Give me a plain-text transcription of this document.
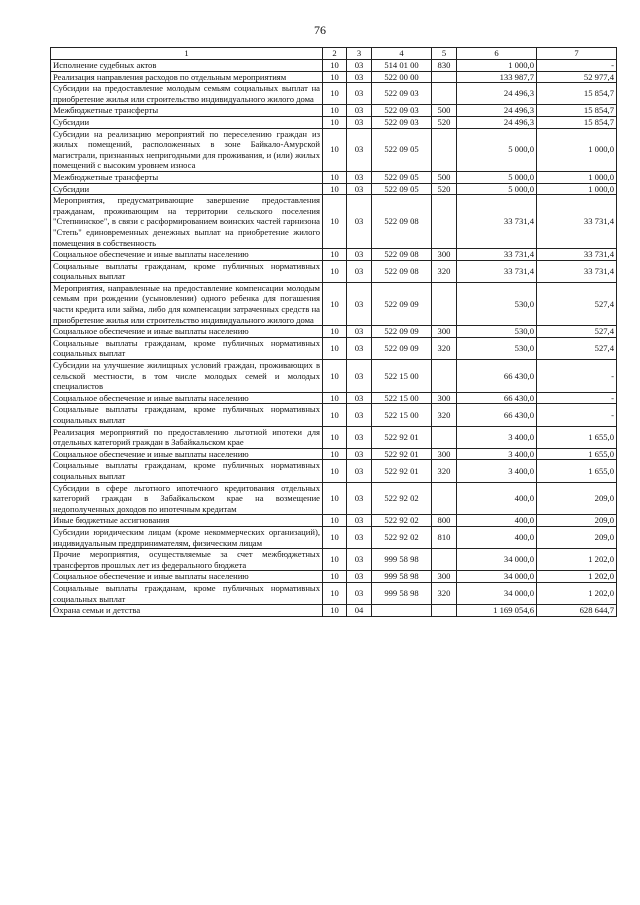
76
1	2	3	4	5	6	7
Исполнение судебных актов	10	03	514 01 00	830	1 000,0	-
Реализация направления расходов по отдельным мероприятиям	10	03	522 00 00		133 987,7	52 977,4
Субсидии на предоставление молодым семьям социальных выплат на приобретение жилья или строительство индивидуального жилого дома	10	03	522 09 03		24 496,3	15 854,7
Межбюджетные трансферты	10	03	522 09 03	500	24 496,3	15 854,7
Субсидии	10	03	522 09 03	520	24 496,3	15 854,7
Субсидии на реализацию мероприятий по переселению граждан из жилых помещений, расположенных в зоне Байкало-Амурской магистрали, признанных непригодными для проживания, и (или) жилых помещений с высоким уровнем износа	10	03	522 09 05		5 000,0	1 000,0
Межбюджетные трансферты	10	03	522 09 05	500	5 000,0	1 000,0
Субсидии	10	03	522 09 05	520	5 000,0	1 000,0
Мероприятия, предусматривающие завершение предоставления гражданам, проживающим на территории сельского поселения "Степнинское", в связи с расформированием воинских частей гарнизона "Степь" единовременных денежных выплат на приобретение жилого помещения в собственность	10	03	522 09 08		33 731,4	33 731,4
Социальное обеспечение и иные выплаты населению	10	03	522 09 08	300	33 731,4	33 731,4
Социальные выплаты гражданам, кроме публичных нормативных социальных выплат	10	03	522 09 08	320	33 731,4	33 731,4
Мероприятия, направленные на предоставление компенсации молодым семьям при рождении (усыновлении) одного ребенка для погашения части кредита или займа, либо для компенсации затраченных средств на приобретение жилья или строительство индивидуального жилого дома	10	03	522 09 09		530,0	527,4
Социальное обеспечение и иные выплаты населению	10	03	522 09 09	300	530,0	527,4
Социальные выплаты гражданам, кроме публичных нормативных социальных выплат	10	03	522 09 09	320	530,0	527,4
Субсидии на улучшение жилищных условий граждан, проживающих в сельской местности, в том числе молодых семей и молодых специалистов	10	03	522 15 00		66 430,0	-
Социальное обеспечение и иные выплаты населению	10	03	522 15 00	300	66 430,0	-
Социальные выплаты гражданам, кроме публичных нормативных социальных выплат	10	03	522 15 00	320	66 430,0	-
Реализация мероприятий по предоставлению льготной ипотеки для отдельных категорий граждан в Забайкальском крае	10	03	522 92 01		3 400,0	1 655,0
Социальное обеспечение и иные выплаты населению	10	03	522 92 01	300	3 400,0	1 655,0
Социальные выплаты гражданам, кроме публичных нормативных социальных выплат	10	03	522 92 01	320	3 400,0	1 655,0
Субсидии в сфере льготного ипотечного кредитования отдельных категорий граждан в Забайкальском крае на возмещение недополученных доходов по ипотечным кредитам	10	03	522 92 02		400,0	209,0
Иные бюджетные ассигнования	10	03	522 92 02	800	400,0	209,0
Субсидии юридическим лицам (кроме некоммерческих организаций), индивидуальным предпринимателям, физическим лицам	10	03	522 92 02	810	400,0	209,0
Прочие мероприятия, осуществляемые за счет межбюджетных трансфертов прошлых лет из федерального бюджета	10	03	999 58 98		34 000,0	1 202,0
Социальное обеспечение и иные выплаты населению	10	03	999 58 98	300	34 000,0	1 202,0
Социальные выплаты гражданам, кроме публичных нормативных социальных выплат	10	03	999 58 98	320	34 000,0	1 202,0
Охрана семьи и детства	10	04			1 169 054,6	628 644,7
